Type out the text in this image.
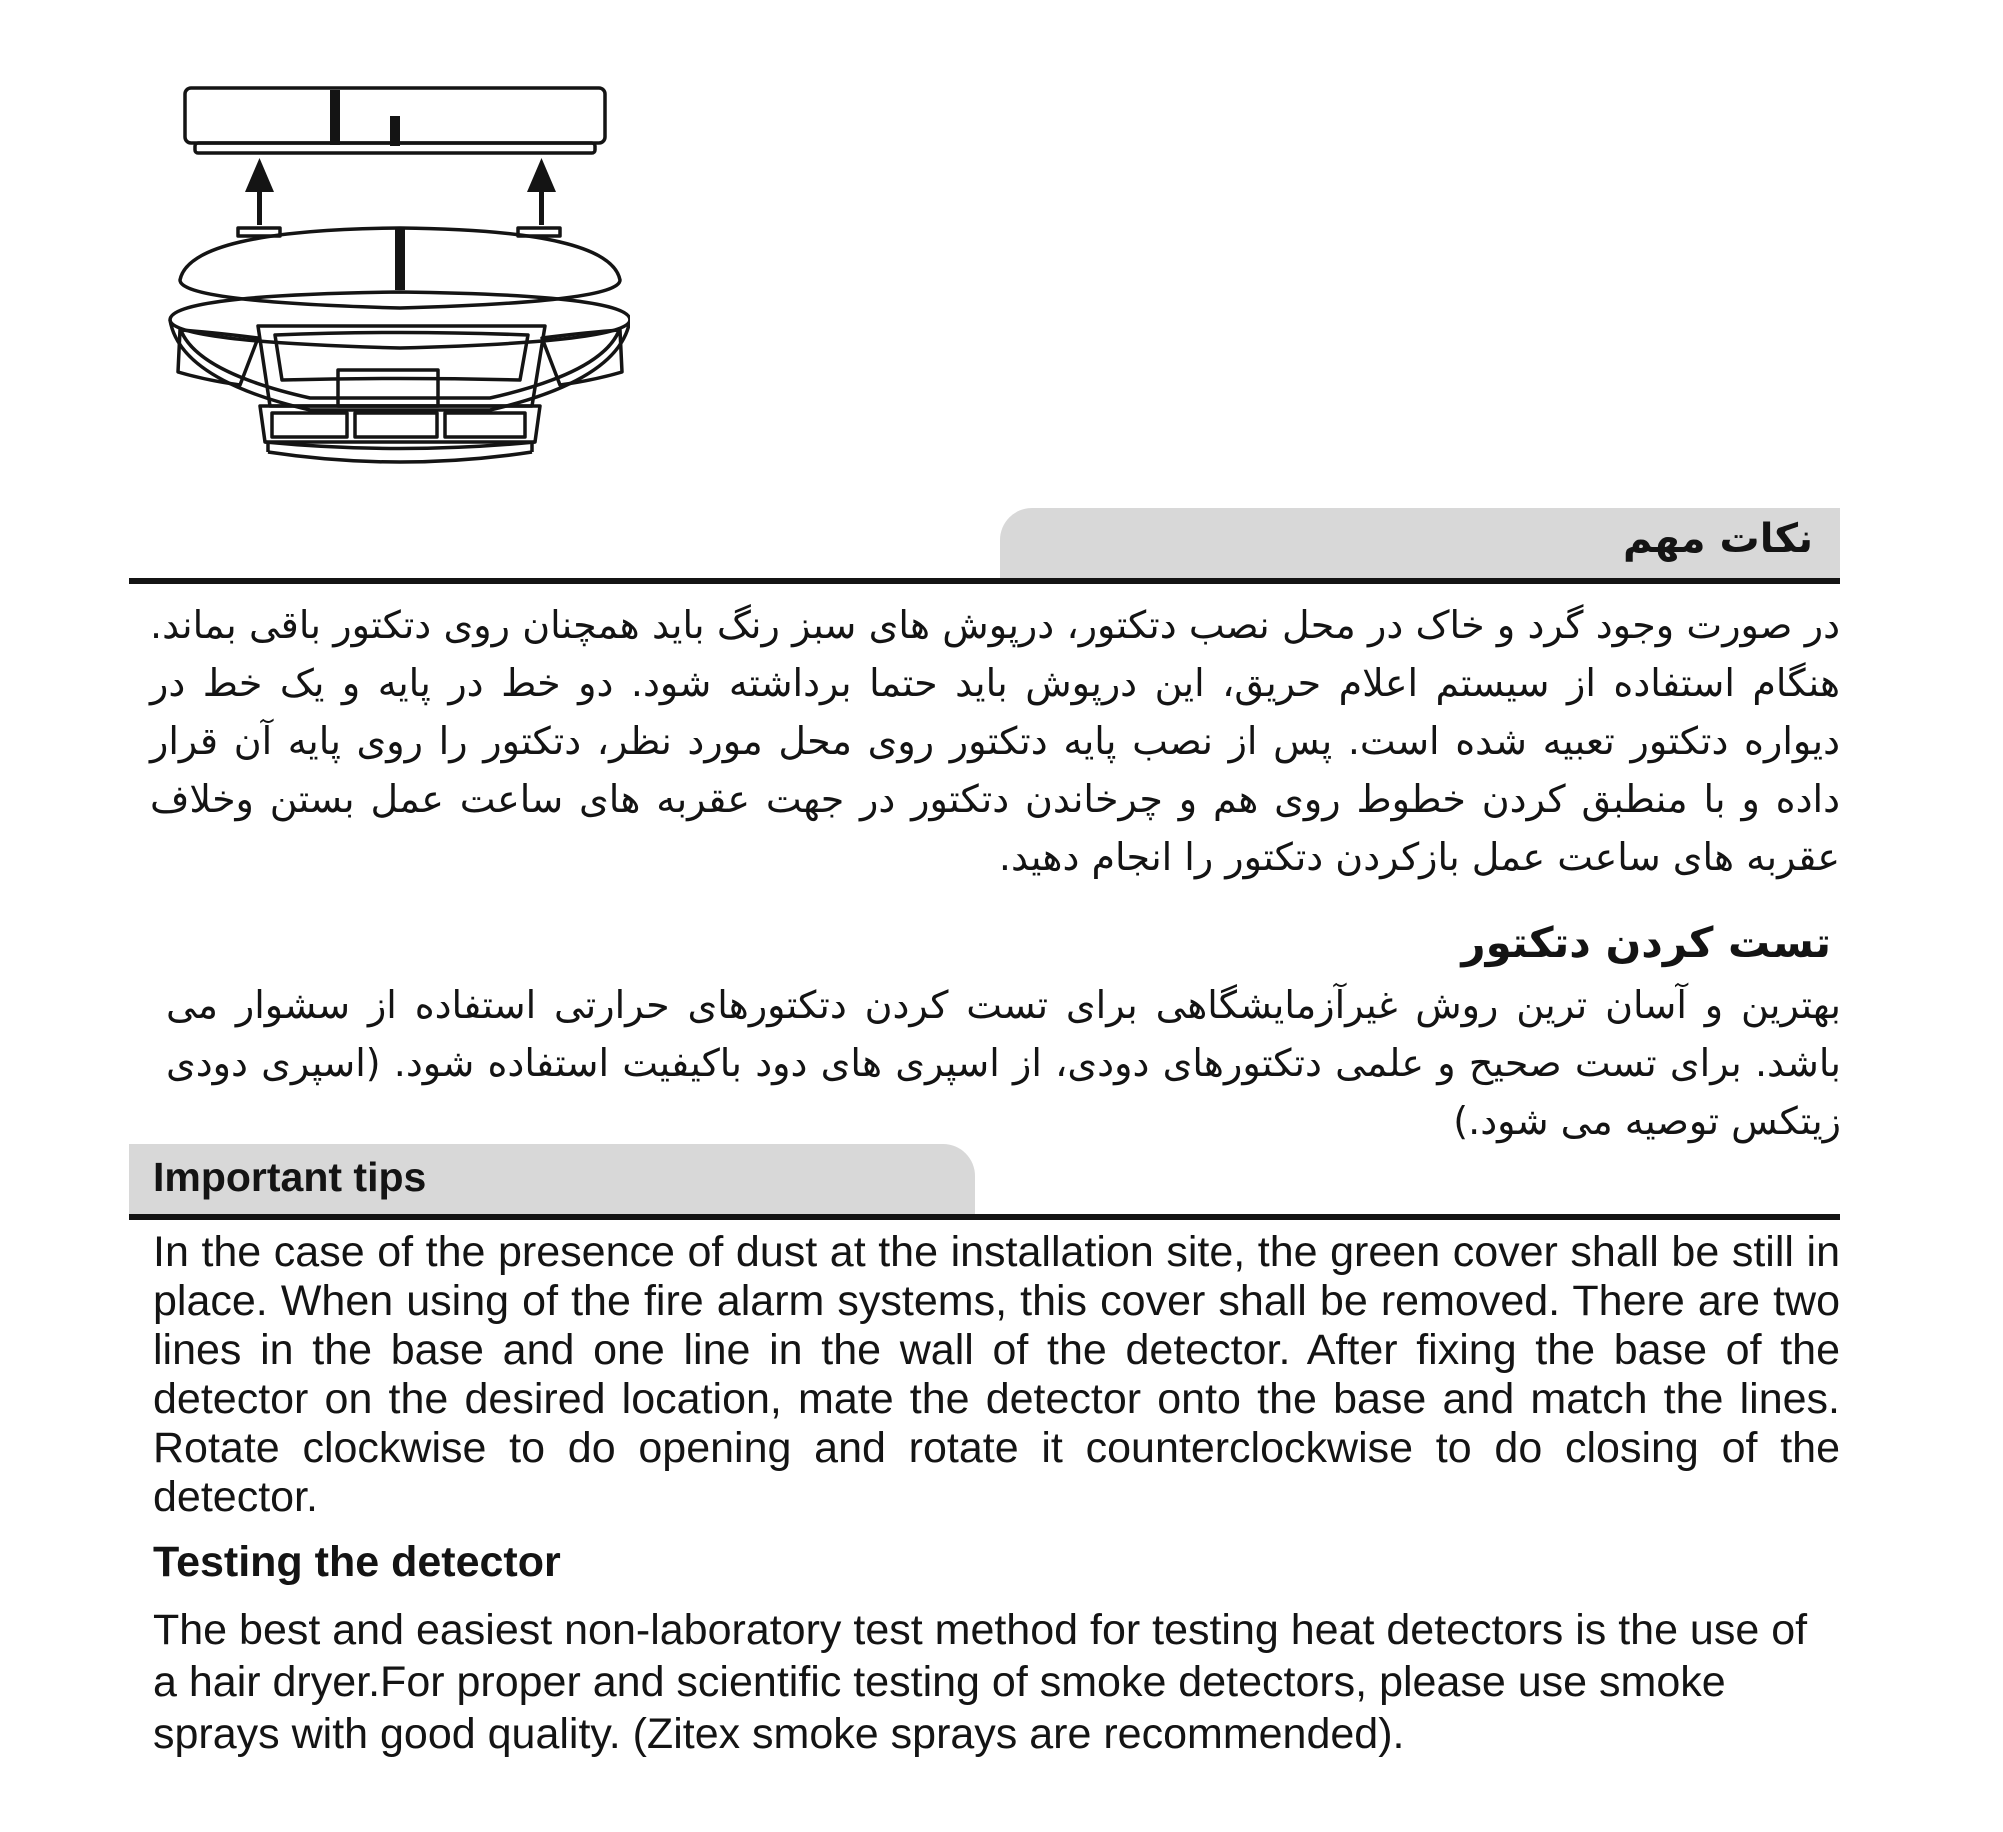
نکات مهم
در صورت وجود گرد و خاک در محل نصب دتکتور، درپوش های سبز رنگ باید همچنان روی دتکتور باقی بماند. هنگام استفاده از سیستم اعلام حریق، این درپوش باید حتما برداشته شود. دو خط در پایه و یک خط در دیواره دتکتور تعبیه شده است. پس از نصب پایه دتکتور روی محل مورد نظر، دتکتور را روی پایه آن قرار داده و با منطبق کردن خطوط روی هم و چرخاندن دتکتور در جهت عقربه های ساعت عمل بستن وخلاف عقربه های ساعت عمل بازکردن دتکتور را انجام دهید.
تست کردن دتکتور
بهترین و آسان ترین روش غیرآزمایشگاهی برای تست کردن دتکتورهای حرارتی استفاده از سشوار می باشد. برای تست صحیح و علمی دتکتورهای دودی، از اسپری های دود باکیفیت استفاده شود. (اسپری دودی زیتکس توصیه می شود.)
Important tips
In the case of the presence of dust at the installation site, the green cover shall be still in place. When using of the fire alarm systems, this cover shall be removed. There are two lines in the base and one line in the wall of the detector. After fixing the base of the detector on the desired location, mate the detector onto the base and match the lines. Rotate clockwise to do opening and rotate it counterclockwise to do closing of the detector.
Testing the detector
The best and easiest non-laboratory test method for testing heat detectors is the use of a hair dryer.For proper and scientific testing of smoke detectors, please use smoke sprays with good quality. (Zitex smoke sprays are recommended).
